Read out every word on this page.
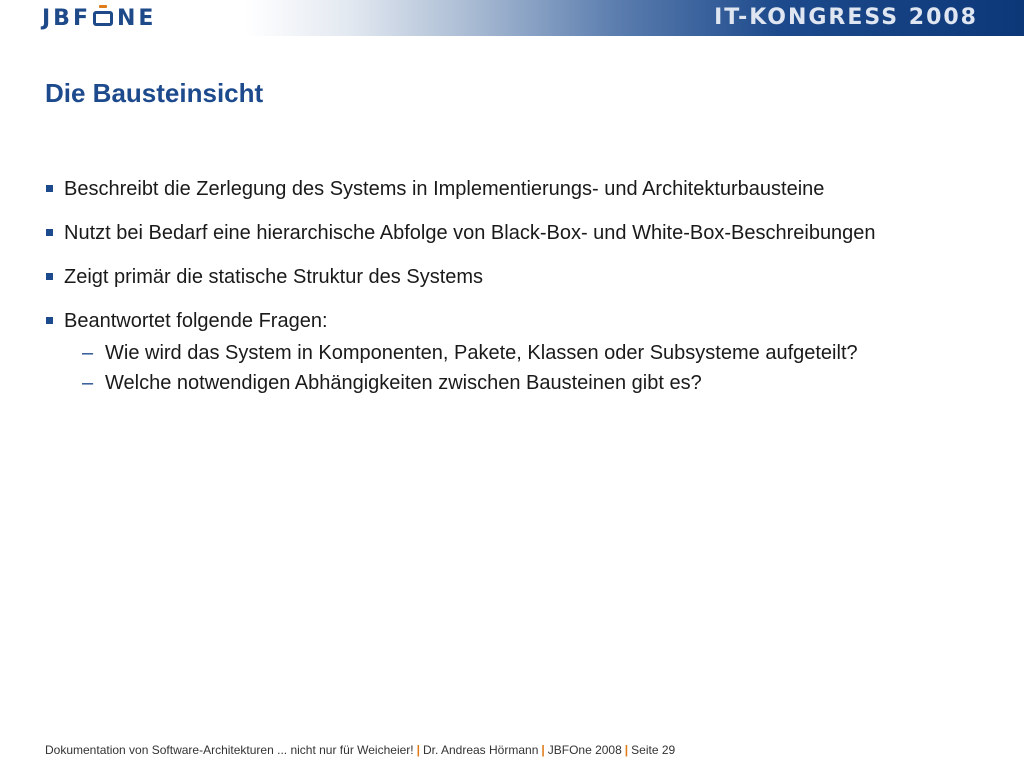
JBF NE	IT-KONGRESS 2008
Die Bausteinsicht
Beschreibt die Zerlegung des Systems in Implementierungs- und Architekturbausteine
Nutzt bei Bedarf eine hierarchische Abfolge von Black-Box- und White-Box-Beschreibungen
Zeigt primär die statische Struktur des Systems
Beantwortet folgende Fragen:
– Wie wird das System in Komponenten, Pakete, Klassen oder Subsysteme aufgeteilt?
– Welche notwendigen Abhängigkeiten zwischen Bausteinen gibt es?
Dokumentation von Software-Architekturen ... nicht nur für Weicheier! | Dr. Andreas Hörmann | JBFOne 2008 | Seite 29
